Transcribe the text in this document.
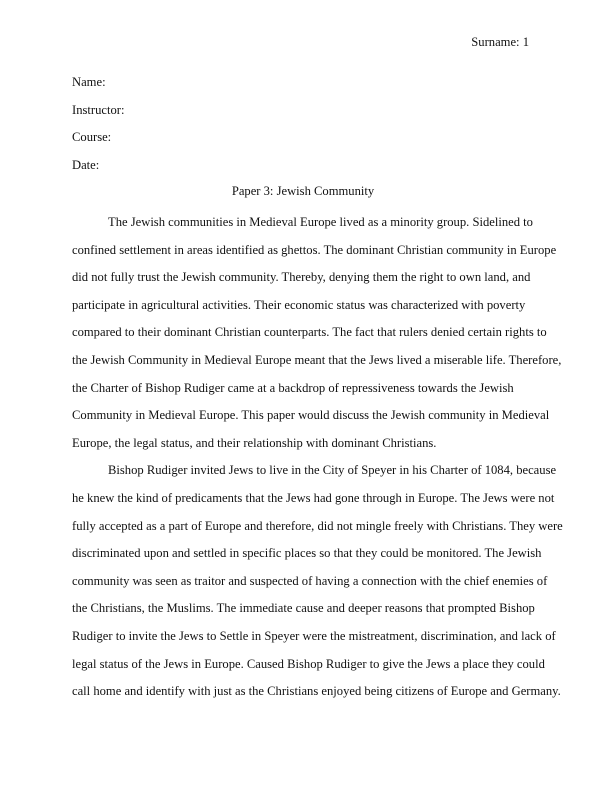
Surname: 1
Name:
Instructor:
Course:
Date:
Paper 3: Jewish Community

The Jewish communities in Medieval Europe lived as a minority group. Sidelined to
confined settlement in areas identified as ghettos. The dominant Christian community in Europe
did not fully trust the Jewish community. Thereby, denying them the right to own land, and
participate in agricultural activities. Their economic status was characterized with poverty
compared to their dominant Christian counterparts. The fact that rulers denied certain rights to
the Jewish Community in Medieval Europe meant that the Jews lived a miserable life. Therefore,
the Charter of Bishop Rudiger came at a backdrop of repressiveness towards the Jewish
Community in Medieval Europe. This paper would discuss the Jewish community in Medieval
Europe, the legal status, and their relationship with dominant Christians.

Bishop Rudiger invited Jews to live in the City of Speyer in his Charter of 1084, because
he knew the kind of predicaments that the Jews had gone through in Europe. The Jews were not
fully accepted as a part of Europe and therefore, did not mingle freely with Christians. They were
discriminated upon and settled in specific places so that they could be monitored. The Jewish
community was seen as traitor and suspected of having a connection with the chief enemies of
the Christians, the Muslims. The immediate cause and deeper reasons that prompted Bishop
Rudiger to invite the Jews to Settle in Speyer were the mistreatment, discrimination, and lack of
legal status of the Jews in Europe. Caused Bishop Rudiger to give the Jews a place they could
call home and identify with just as the Christians enjoyed being citizens of Europe and Germany.
